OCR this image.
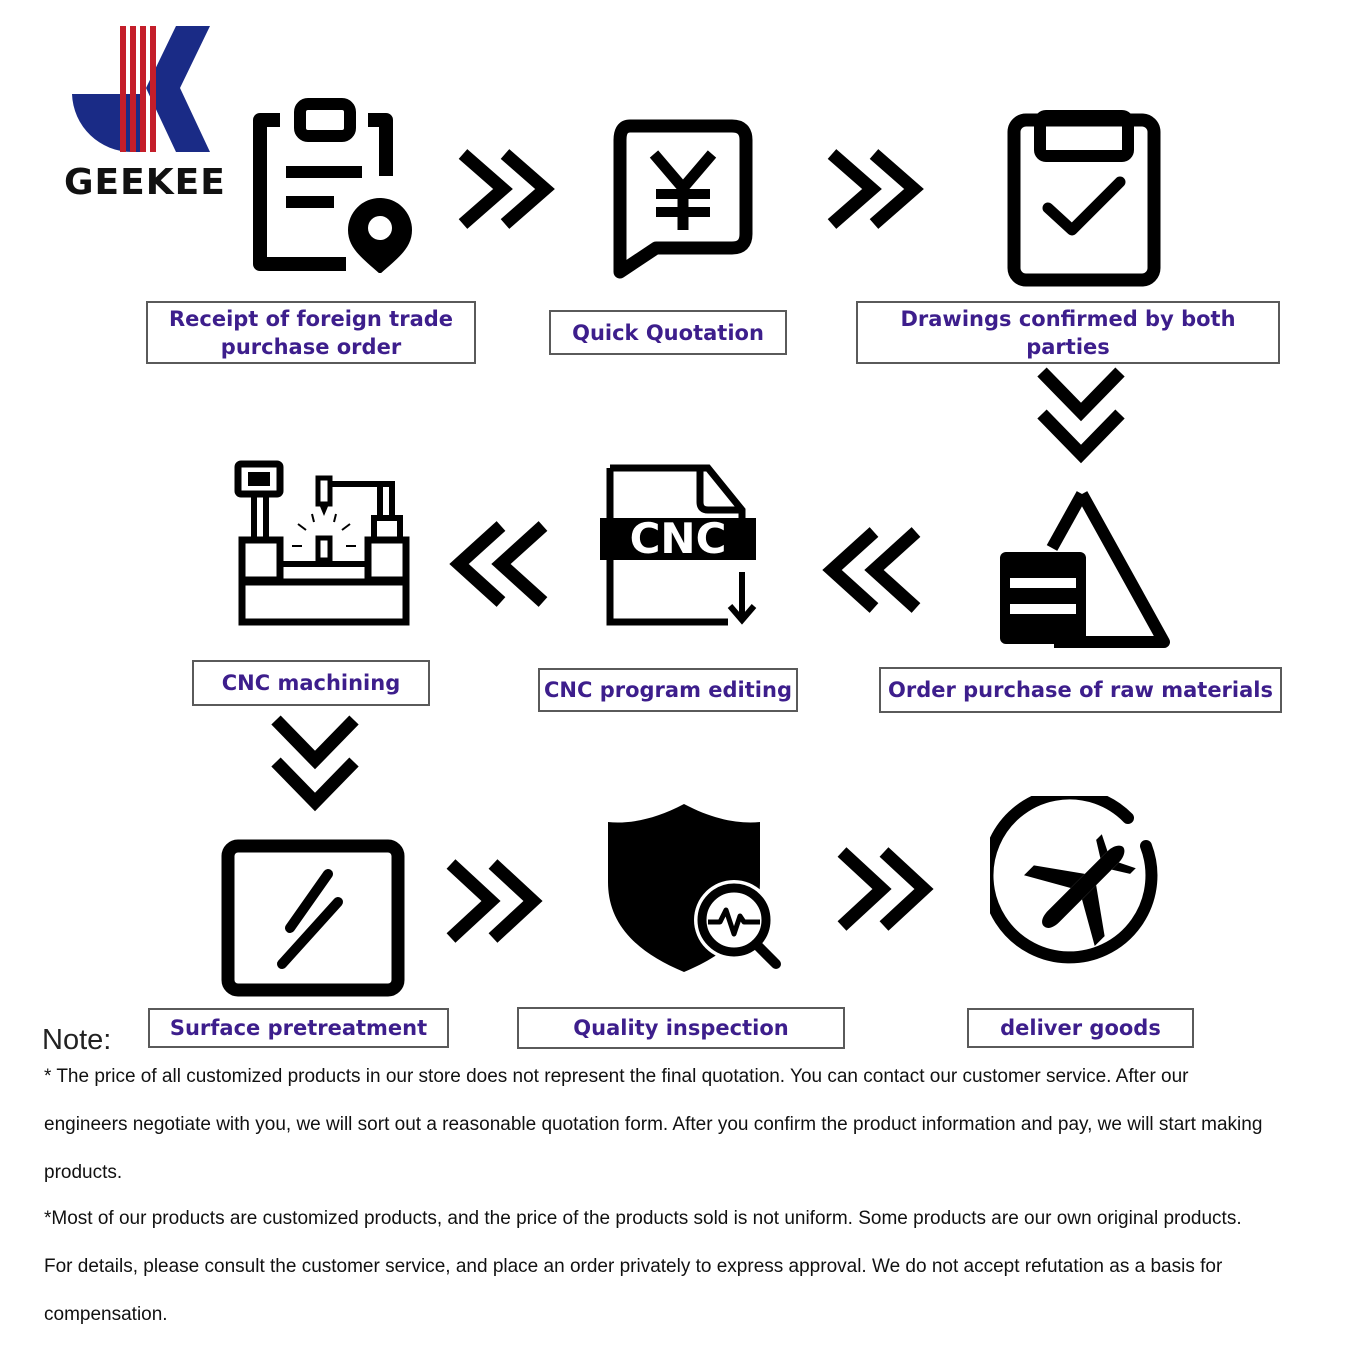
GEEKEE
Receipt of foreign trade
purchase order
Quick Quotation
Drawings confirmed by both parties
CNC
CNC machining	CNC program editing	Order purchase of raw materials
Surface pretreatment	Quality inspection	deliver goods
Note:
* The price of all customized products in our store does not represent the final quotation. You can contact our customer service. After our
engineers negotiate with you, we will sort out a reasonable quotation form. After you confirm the product information and pay, we will start making
products.
*Most of our products are customized products, and the price of the products sold is not uniform. Some products are our own original products.
For details, please consult the customer service, and place an order privately to express approval. We do not accept refutation as a basis for
compensation.
